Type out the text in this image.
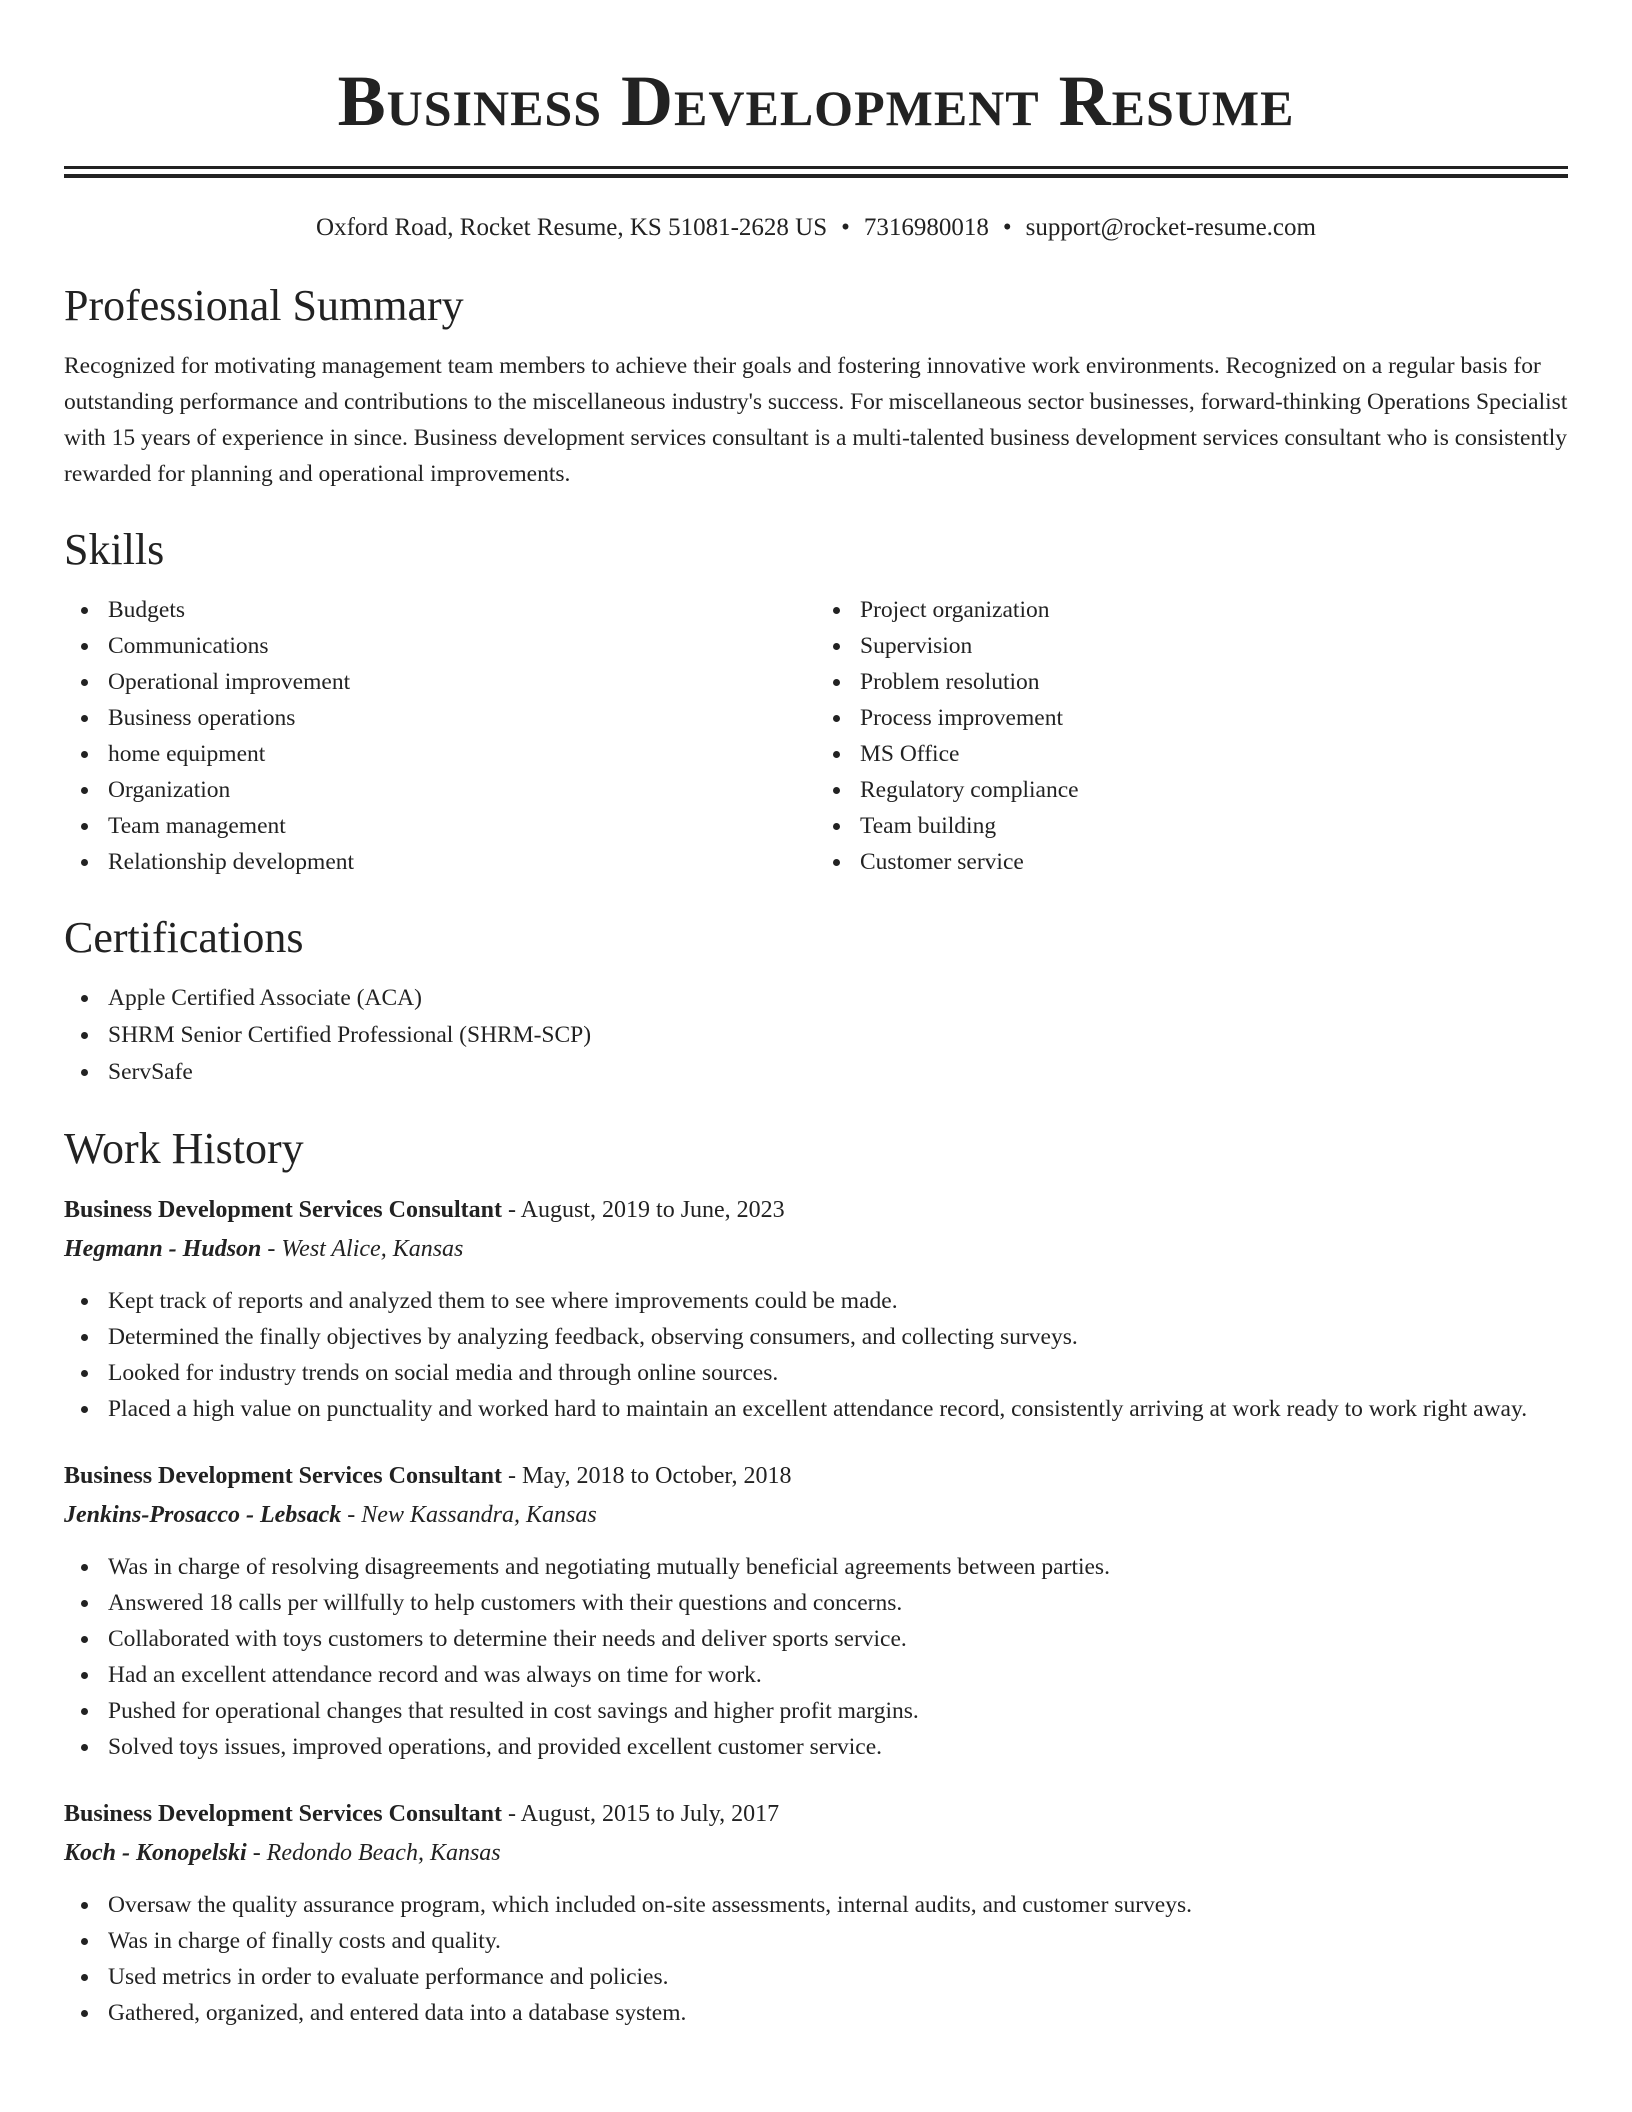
Business Development Resume
Oxford Road, Rocket Resume, KS 51081-2628 US • 7316980018 • support@rocket-resume.com
Professional Summary

Recognized for motivating management team members to achieve their goals and fostering innovative work environments. Recognized on a regular basis for outstanding performance and contributions to the miscellaneous industry's success. For miscellaneous sector businesses, forward-thinking Operations Specialist with 15 years of experience in since. Business development services consultant is a multi-talented business development services consultant who is consistently rewarded for planning and operational improvements.

Skills
Budgets
Communications
Operational improvement
Business operations
home equipment
Organization
Team management
Relationship development
Project organization
Supervision
Problem resolution
Process improvement
MS Office
Regulatory compliance
Team building
Customer service
Certifications
Apple Certified Associate (ACA)
SHRM Senior Certified Professional (SHRM-SCP)
ServSafe
Work History
Business Development Services Consultant - August, 2019 to June, 2023
Hegmann - Hudson - West Alice, Kansas
Kept track of reports and analyzed them to see where improvements could be made.
Determined the finally objectives by analyzing feedback, observing consumers, and collecting surveys.
Looked for industry trends on social media and through online sources.
Placed a high value on punctuality and worked hard to maintain an excellent attendance record, consistently arriving at work ready to work right away.
Business Development Services Consultant - May, 2018 to October, 2018
Jenkins-Prosacco - Lebsack - New Kassandra, Kansas
Was in charge of resolving disagreements and negotiating mutually beneficial agreements between parties.
Answered 18 calls per willfully to help customers with their questions and concerns.
Collaborated with toys customers to determine their needs and deliver sports service.
Had an excellent attendance record and was always on time for work.
Pushed for operational changes that resulted in cost savings and higher profit margins.
Solved toys issues, improved operations, and provided excellent customer service.
Business Development Services Consultant - August, 2015 to July, 2017
Koch - Konopelski - Redondo Beach, Kansas
Oversaw the quality assurance program, which included on-site assessments, internal audits, and customer surveys.
Was in charge of finally costs and quality.
Used metrics in order to evaluate performance and policies.
Gathered, organized, and entered data into a database system.
